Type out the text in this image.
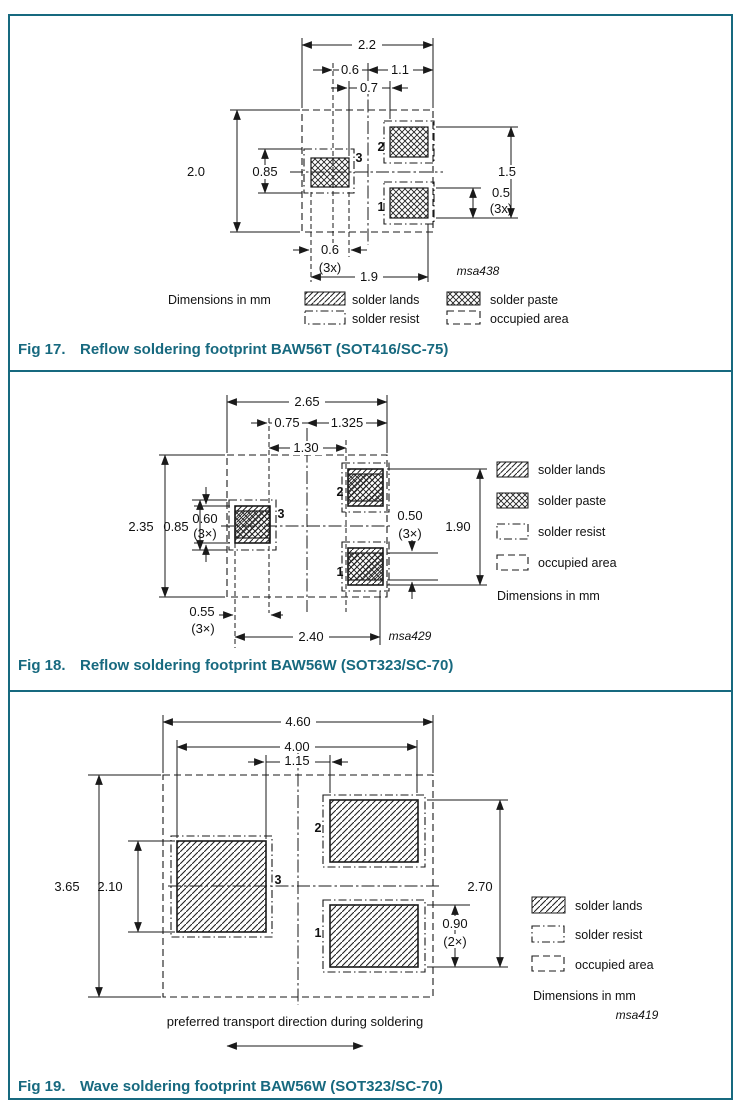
2.2
0.6 1.1
0.7
2.0	0.85	1.5
0.5
(3x)
0.6
(3x)
1.9
2
3
1
msa438
Dimensions in mm	solder lands	solder paste
solder resist	occupied area
2.65
0.75 1.325
1.30
2.35 0.85
0.60
(3×)
0.50
(3×) 1.90
0.55
(3×)
2.40
2
3
1
msa429
solder lands
solder paste
solder resist
occupied area
Dimensions in mm
4.60
4.00
1.15
3.65 2.10	2.70
0.90
(2×)
2
3
1
preferred transport direction during soldering
solder lands
solder resist
occupied area
Dimensions in mm
msa419
Fig 17. Reflow soldering footprint BAW56T (SOT416/SC-75)
Fig 18. Reflow soldering footprint BAW56W (SOT323/SC-70)
Fig 19. Wave soldering footprint BAW56W (SOT323/SC-70)
